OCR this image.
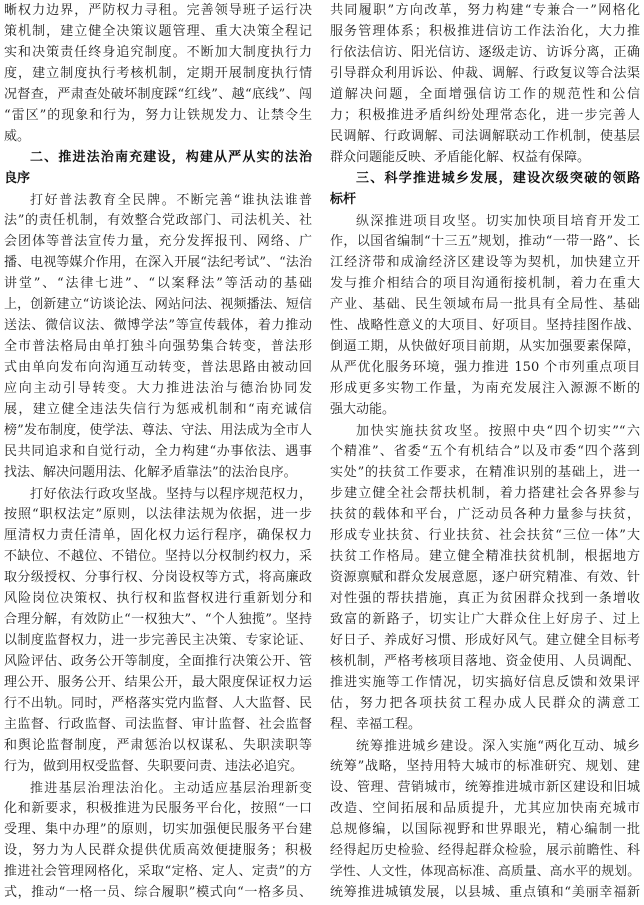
晰权力边界，严防权力寻租。完善领导班子运行决
策机制，建立健全决策议题管理、重大决策全程记
实和决策责任终身追究制度。不断加大制度执行力
度，建立制度执行考核机制，定期开展制度执行情
况督查，严肃查处破坏制度踩“红线”、越“底线”、闯
“雷区”的现象和行为，努力让铁规发力、让禁令生
威。
二、推进法治南充建设，构建从严从实的法治
良序
打好普法教育全民牌。不断完善“谁执法谁普
法”的责任机制，有效整合党政部门、司法机关、社
会团体等普法宣传力量，充分发挥报刊、网络、广
播、电视等媒介作用，在深入开展“法纪考试”、“法治
讲堂”、“法律七进”、“以案释法”等活动的基础
上，创新建立“访谈论法、网站问法、视频播法、短信
送法、微信议法、微博学法”等宣传载体，着力推动
全市普法格局由单打独斗向强势集合转变，普法形
式由单向发布向沟通互动转变，普法思路由被动回
应向主动引导转变。大力推进法治与德治协同发
展，建立健全违法失信行为惩戒机制和“南充诚信
榜”发布制度，使学法、尊法、守法、用法成为全市人
民共同追求和自觉行动，全力构建“办事依法、遇事
找法、解决问题用法、化解矛盾靠法”的法治良序。
打好依法行政攻坚战。坚持与以程序规范权力，
按照“职权法定”原则，以法律法规为依据，进一步
厘清权力责任清单，固化权力运行程序，确保权力
不缺位、不越位、不错位。坚持以分权制约权力，采
取分级授权、分事行权、分岗设权等方式，将高廉政
风险岗位决策权、执行权和监督权进行重新划分和
合理分解，有效防止“一权独大”、“个人独揽”。坚持
以制度监督权力，进一步完善民主决策、专家论证、
风险评估、政务公开等制度，全面推行决策公开、管
理公开、服务公开、结果公开，最大限度保证权力运
行不出轨。同时，严格落实党内监督、人大监督、民
主监督、行政监督、司法监督、审计监督、社会监督
和舆论监督制度，严肃惩治以权谋私、失职渎职等
行为，做到用权受监督、失职要问责、违法必追究。
推进基层治理法治化。主动适应基层治理新变
化和新要求，积极推进为民服务平台化，按照“一口
受理、集中办理”的原则，切实加强便民服务平台建
设，努力为人民群众提供优质高效便捷服务；积极
推进社会管理网格化，采取“定格、定人、定责”的方
式，推动“一格一员、综合履职”模式向“一格多员、
共同履职”方向改革，努力构建“专兼合一”网格化
服务管理体系；积极推进信访工作法治化，大力推
行依法信访、阳光信访、逐级走访、访诉分离，正确
引导群众利用诉讼、仲裁、调解、行政复议等合法渠
道解决问题，全面增强信访工作的规范性和公信
力；积极推进矛盾纠纷处理常态化，进一步完善人
民调解、行政调解、司法调解联动工作机制，使基层
群众问题能反映、矛盾能化解、权益有保障。
三、科学推进城乡发展，建设次级突破的领路
标杆
纵深推进项目攻坚。切实加快项目培育开发工
作，以国省编制“十三五”规划，推动“一带一路”、长
江经济带和成渝经济区建设等为契机，加快建立开
发与推介相结合的项目沟通衔接机制，着力在重大
产业、基础、民生领域布局一批具有全局性、基础
性、战略性意义的大项目、好项目。坚持挂图作战、
倒逼工期，从快做好项目前期，从实加强要素保障，
从严优化服务环境，强力推进 150 个市列重点项目
形成更多实物工作量，为南充发展注入源源不断的
强大动能。
加快实施扶贫攻坚。按照中央“四个切实”“六
个精准”、省委“五个有机结合”以及市委“四个落到
实处”的扶贫工作要求，在精准识别的基础上，进一
步建立健全社会帮扶机制，着力搭建社会各界参与
扶贫的载体和平台，广泛动员各种力量参与扶贫，
形成专业扶贫、行业扶贫、社会扶贫“三位一体”大
扶贫工作格局。建立健全精准扶贫机制，根据地方
资源禀赋和群众发展意愿，逐户研究精准、有效、针
对性强的帮扶措施，真正为贫困群众找到一条增收
致富的新路子，切实让广大群众住上好房子、过上
好日子、养成好习惯、形成好风气。建立健全目标考
核机制，严格考核项目落地、资金使用、人员调配、
推进实施等工作情况，切实搞好信息反馈和效果评
估，努力把各项扶贫工程办成人民群众的满意工
程、幸福工程。
统筹推进城乡建设。深入实施“两化互动、城乡
统筹”战略，坚持用特大城市的标准研究、规划、建
设、管理、营销城市，统筹推进城市新区建设和旧城
改造、空间拓展和品质提升，尤其应加快南充城市
总规修编，以国际视野和世界眼光，精心编制一批
经得起历史检验、经得起群众检验，展示前瞻性、科
学性、人文性，体现高标准、高质量、高水平的规划。
统筹推进城镇发展，以县城、重点镇和“美丽幸福新
